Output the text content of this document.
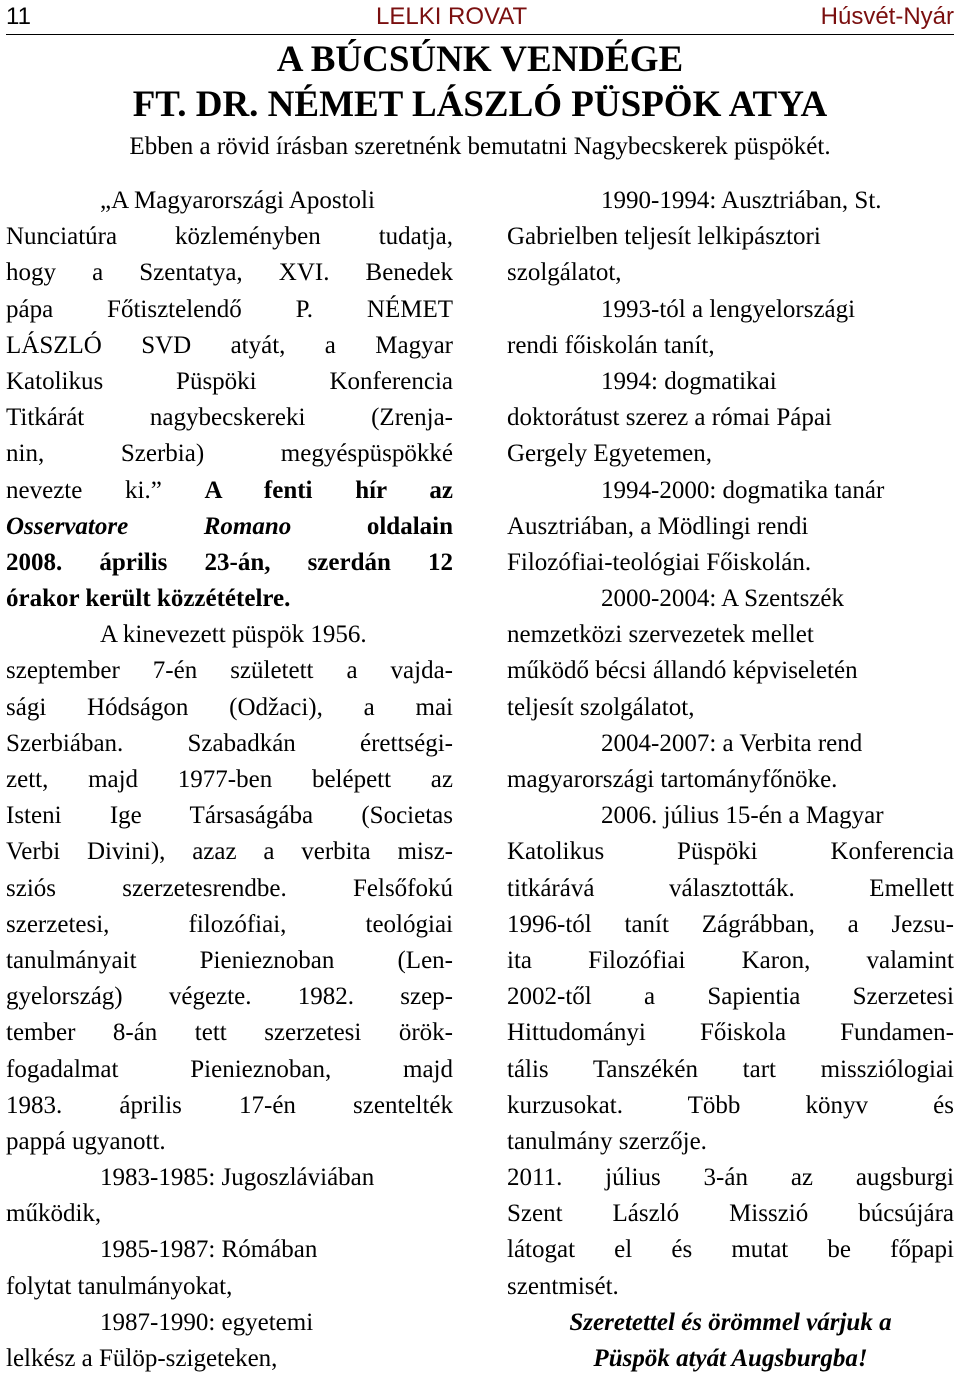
11	LELKI ROVAT	Húsvét-Nyár
A BÚCSÚNK VENDÉGE
FT. DR. NÉMET LÁSZLÓ PÜSPÖK ATYA
Ebben a rövid írásban szeretnénk bemutatni Nagybecskerek püspökét.
„A Magyarországi Apostoli
Nunciatúra közleményben tudatja,
hogy a Szentatya, XVI. Benedek
pápa Főtisztelendő P. NÉMET
LÁSZLÓ SVD atyát, a Magyar
Katolikus Püspöki Konferencia
Titkárát nagybecskereki (Zrenja-
nin, Szerbia) megyéspüspökké
nevezte ki.” A fenti hír az
Osservatore Romano	oldalain
2008. április 23-án, szerdán 12
órakor került közzétételre.
A kinevezett püspök 1956.
szeptember 7-én született a vajda-
sági Hódságon (Odžaci), a mai
Szerbiában. Szabadkán érettségi-
zett, majd 1977-ben belépett az
Isteni Ige Társaságába (Societas
Verbi Divini), azaz a verbita misz-
sziós szerzetesrendbe. Felsőfokú
szerzetesi, filozófiai, teológiai
tanulmányait Pienieznoban (Len-
gyelország) végezte. 1982. szep-
tember 8-án tett szerzetesi örök-
fogadalmat Pienieznoban, majd
1983. április 17-én szentelték
pappá ugyanott.
1983-1985: Jugoszláviában
működik,
1985-1987: Rómában
folytat tanulmányokat,
1987-1990: egyetemi
lelkész a Fülöp-szigeteken,
1990-1994: Ausztriában, St.
Gabrielben teljesít lelkipásztori
szolgálatot,
1993-tól a lengyelországi
rendi főiskolán tanít,
1994: dogmatikai
doktorátust szerez a római Pápai
Gergely Egyetemen,
1994-2000: dogmatika tanár
Ausztriában, a Mödlingi rendi
Filozófiai-teológiai Főiskolán.
2000-2004: A Szentszék
nemzetközi szervezetek mellet
működő bécsi állandó képviseletén
teljesít szolgálatot,
2004-2007: a Verbita rend
magyarországi tartományfőnöke.
2006. július 15-én a Magyar
Katolikus Püspöki Konferencia
titkárává választották. Emellett
1996-tól tanít Zágrábban, a Jezsu-
ita Filozófiai Karon, valamint
2002-től a Sapientia Szerzetesi
Hittudományi Főiskola Fundamen-
tális Tanszékén tart missziólogiai
kurzusokat. Több könyv és
tanulmány szerzője.
2011. július 3-án az augsburgi
Szent László Misszió búcsújára
látogat el és mutat be főpapi
szentmisét.
Szeretettel és örömmel várjuk a
Püspök atyát Augsburgba!
